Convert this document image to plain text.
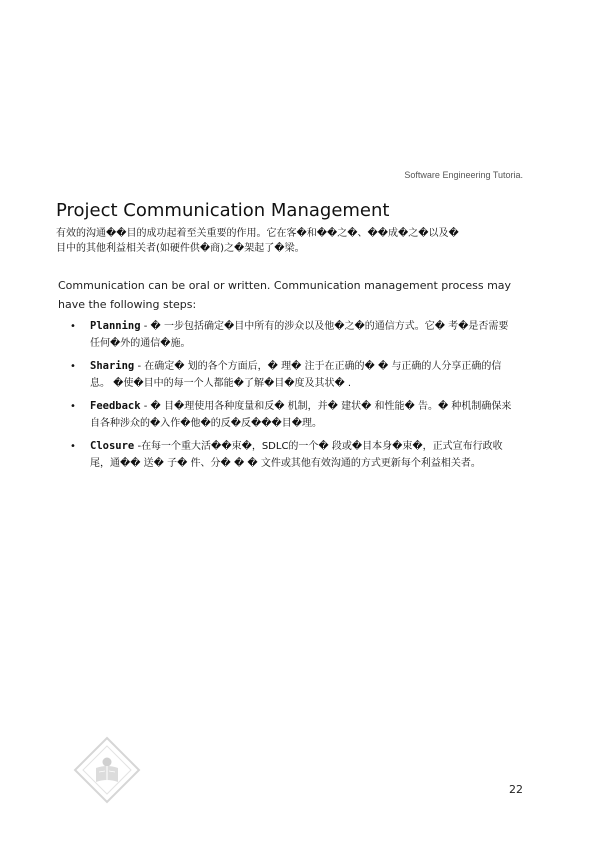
Software Engineering Tutoria.
Project Communication Management

有效的沟通��目的成功起着至关重要的作用。它在客�和��之�、��成�之�以及�

目中的其他利益相关者(如硬件供�商)之�架起了�梁。

Communication can be oral or written. Communication management process may have the following steps:
• Planning - � 一步包括确定�目中所有的涉众以及他�之�的通信方式。它� 考�是否需要任何�外的通信�施。
• Sharing - 在确定� 划的各个方面后，� 理� 注于在正确的� � 与正确的人分享正确的信息。 �使�目中的每一个人都能�了解�目�度及其状� .
• Feedback - � 目�理使用各种度量和反� 机制，并� 建状� 和性能� 告。� 种机制确保来自各种涉众的�入作�他�的反�反���目�理。
• Closure -在每一个重大活��束�，SDLC的一个� 段或�目本身�束�，正式宣布行政收尾，通�� 送� 子� 件、分� � � 文件或其他有效沟通的方式更新每个利益相关者。
22
